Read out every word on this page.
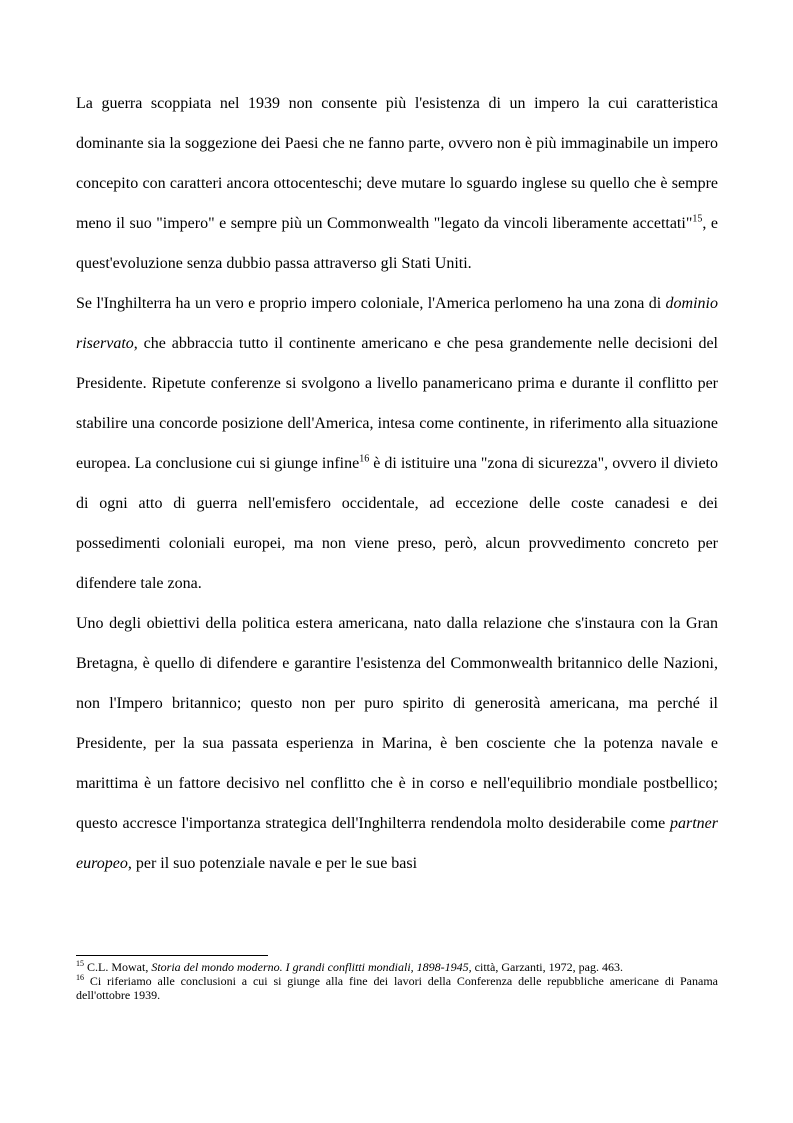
La guerra scoppiata nel 1939 non consente più l'esistenza di un impero la cui caratteristica dominante sia la soggezione dei Paesi che ne fanno parte, ovvero non è più immaginabile un impero concepito con caratteri ancora ottocenteschi; deve mutare lo sguardo inglese su quello che è sempre meno il suo "impero" e sempre più un Commonwealth "legato da vincoli liberamente accettati"$^{15}$, e quest'evoluzione senza dubbio passa attraverso gli Stati Uniti.

Se l'Inghilterra ha un vero e proprio impero coloniale, l'America perlomeno ha una zona di dominio riservato, che abbraccia tutto il continente americano e che pesa grandemente nelle decisioni del Presidente. Ripetute conferenze si svolgono a livello panamericano prima e durante il conflitto per stabilire una concorde posizione dell'America, intesa come continente, in riferimento alla situazione europea. La conclusione cui si giunge infine$^{16}$ è di istituire una "zona di sicurezza", ovvero il divieto di ogni atto di guerra nell'emisfero occidentale, ad eccezione delle coste canadesi e dei possedimenti coloniali europei, ma non viene preso, però, alcun provvedimento concreto per difendere tale zona.

Uno degli obiettivi della politica estera americana, nato dalla relazione che s'instaura con la Gran Bretagna, è quello di difendere e garantire l'esistenza del Commonwealth britannico delle Nazioni, non l'Impero britannico; questo non per puro spirito di generosità americana, ma perché il Presidente, per la sua passata esperienza in Marina, è ben cosciente che la potenza navale e marittima è un fattore decisivo nel conflitto che è in corso e nell'equilibrio mondiale postbellico; questo accresce l'importanza strategica dell'Inghilterra rendendola molto desiderabile come partner europeo, per il suo potenziale navale e per le sue basi

$^{15}$ C.L. Mowat, Storia del mondo moderno. I grandi conflitti mondiali, 1898-1945, città, Garzanti, 1972, pag. 463.

$^{16}$ Ci riferiamo alle conclusioni a cui si giunge alla fine dei lavori della Conferenza delle repubbliche americane di Panama dell'ottobre 1939.
